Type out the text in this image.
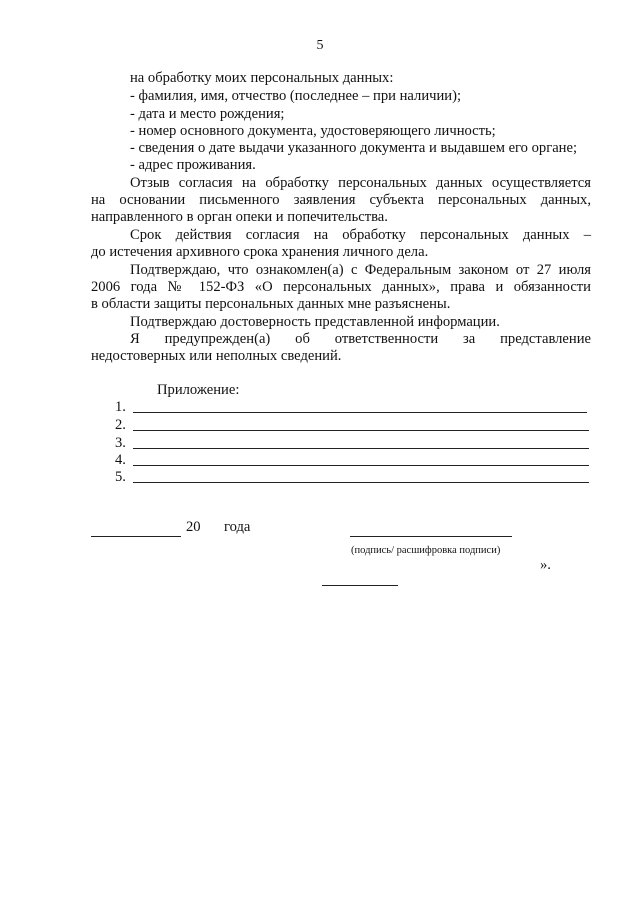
5
на обработку моих персональных данных:
- фамилия, имя, отчество (последнее – при наличии);
- дата и место рождения;
- номер основного документа, удостоверяющего личность;
- сведения о дате выдачи указанного документа и выдавшем его органе;
- адрес проживания.
Отзыв согласия на обработку персональных данных осуществляется
на основании письменного заявления субъекта персональных данных,
направленного в орган опеки и попечительства.
Срок действия согласия на обработку персональных данных –
до истечения архивного срока хранения личного дела.
Подтверждаю, что ознакомлен(а) с Федеральным законом от 27 июля
2006 года № 152-ФЗ «О персональных данных», права и обязанности
в области защиты персональных данных мне разъяснены.
Подтверждаю достоверность представленной информации.
Я предупрежден(а) об ответственности за представление
недостоверных или неполных сведений.
Приложение:
1.
2.
3.
4.
5.
20 года
(подпись/ расшифровка подписи)
».
